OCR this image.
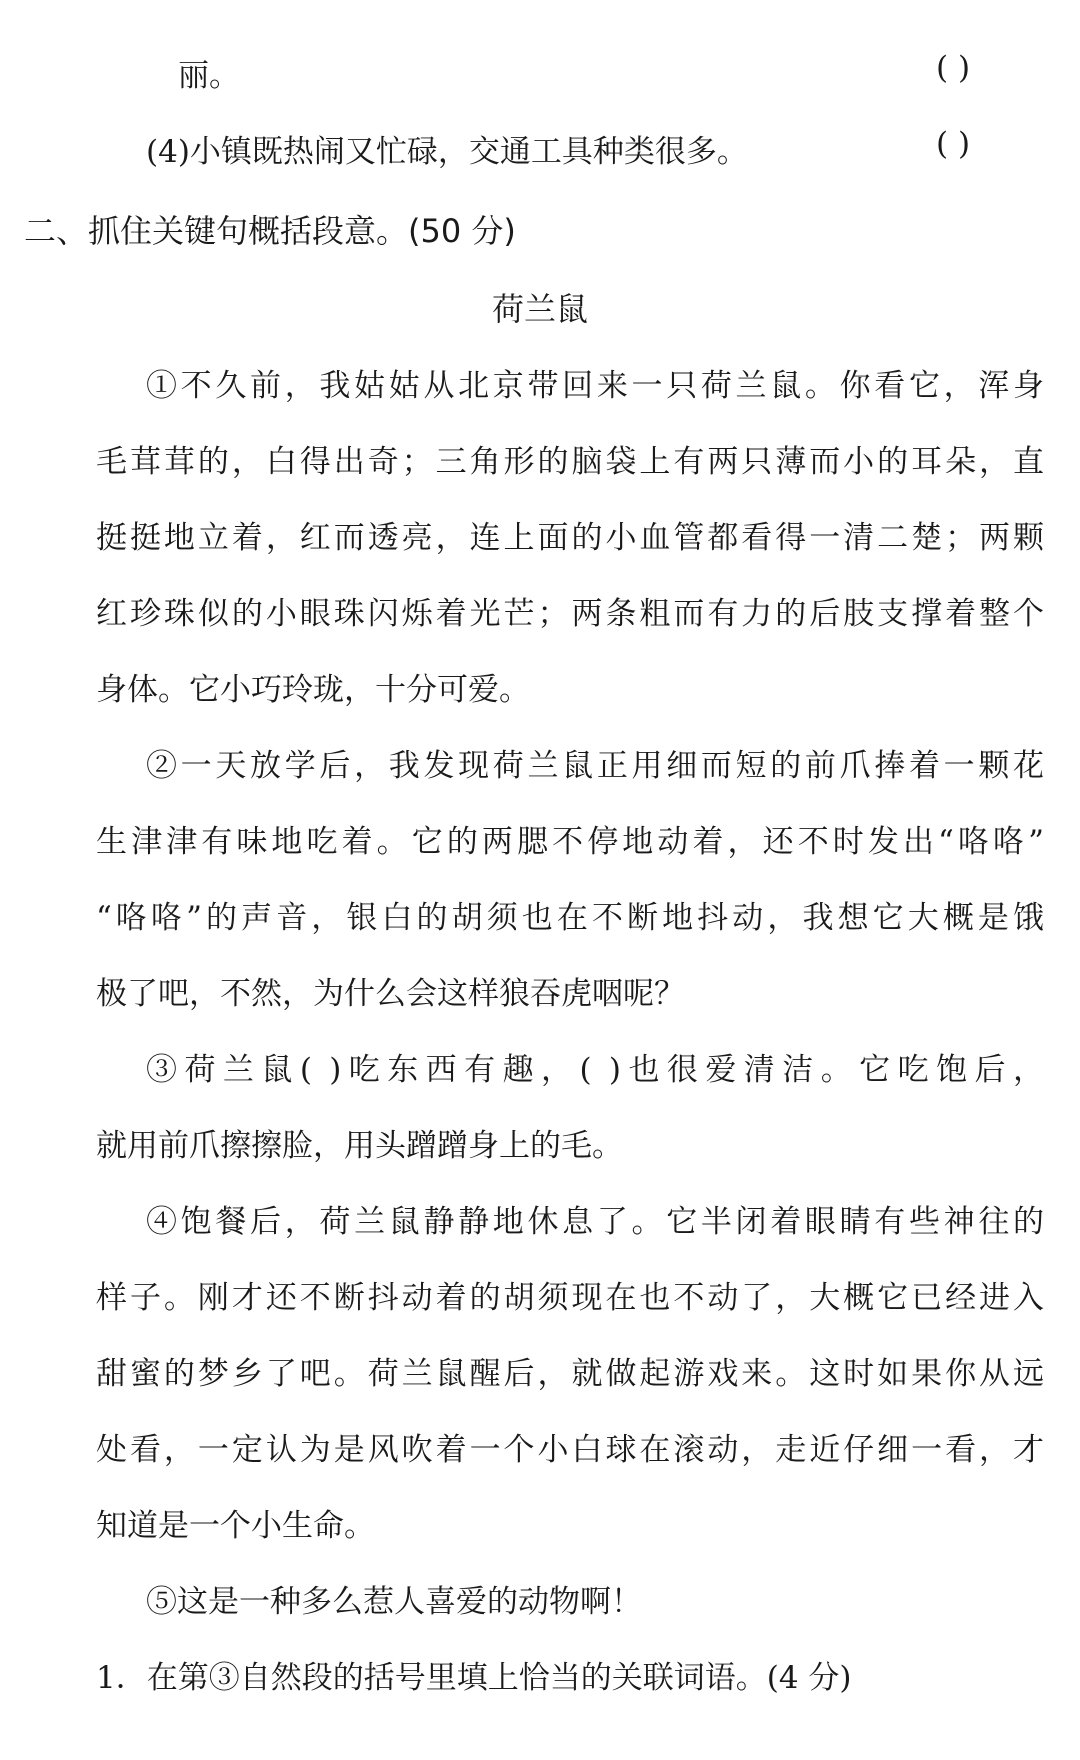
丽。	( )
(4)小镇既热闹又忙碌，交通工具种类很多。	( )
二、抓住关键句概括段意。(50 分)
荷兰鼠
①不久前，我姑姑从北京带回来一只荷兰鼠。你看它，浑身
毛茸茸的，白得出奇；三角形的脑袋上有两只薄而小的耳朵，直
挺挺地立着，红而透亮，连上面的小血管都看得一清二楚；两颗
红珍珠似的小眼珠闪烁着光芒；两条粗而有力的后肢支撑着整个
身体。它小巧玲珑，十分可爱。
②一天放学后，我发现荷兰鼠正用细而短的前爪捧着一颗花
生津津有味地吃着。它的两腮不停地动着，还不时发出“咯咯”
“咯咯”的声音，银白的胡须也在不断地抖动，我想它大概是饿
极了吧，不然，为什么会这样狼吞虎咽呢？
③荷兰鼠( )吃东西有趣，( )也很爱清洁。它吃饱后，
就用前爪擦擦脸，用头蹭蹭身上的毛。
④饱餐后，荷兰鼠静静地休息了。它半闭着眼睛有些神往的
样子。刚才还不断抖动着的胡须现在也不动了，大概它已经进入
甜蜜的梦乡了吧。荷兰鼠醒后，就做起游戏来。这时如果你从远
处看，一定认为是风吹着一个小白球在滚动，走近仔细一看，才
知道是一个小生命。
⑤这是一种多么惹人喜爱的动物啊！
1．在第③自然段的括号里填上恰当的关联词语。(4 分)
